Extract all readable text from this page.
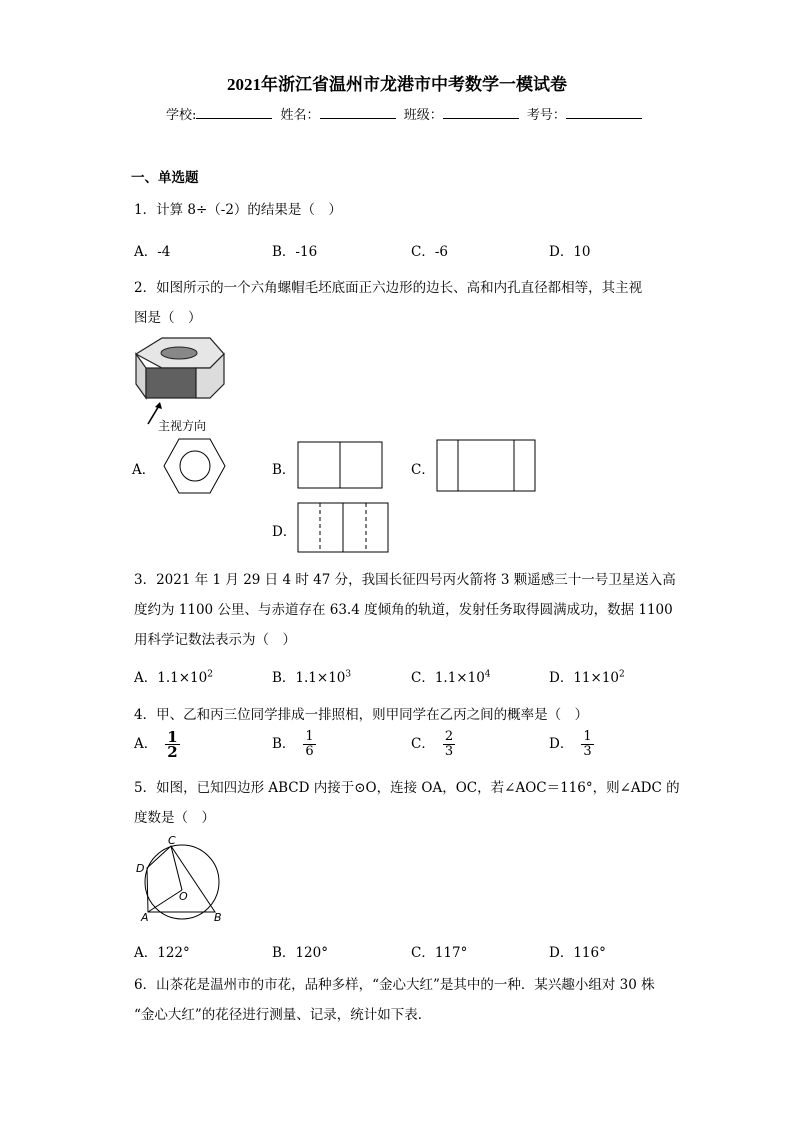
2021年浙江省温州市龙港市中考数学一模试卷
学校:	姓名：	班级：	考号：
一、单选题
1．计算 8÷（-2）的结果是（　）
A．-4	B．-16	C．-6	D．10
2．如图所示的一个六角螺帽毛坯底面正六边形的边长、高和内孔直径都相等，其主视
图是（　）
主视方向
A．	B．	C．
D．
3．2021 年 1 月 29 日 4 时 47 分，我国长征四号丙火箭将 3 颗遥感三十一号卫星送入高
度约为 1100 公里、与赤道存在 63.4 度倾角的轨道，发射任务取得圆满成功，数据 1100
用科学记数法表示为（　）
A．$1.1\times 10^2$	B．$1.1\times 10^3$	C．$1.1\times 10^4$	D．$11\times 10^2$
4．甲、乙和丙三位同学排成一排照相，则甲同学在乙丙之间的概率是（　）
A． $\frac{1}{2}$	B． $\frac{1}{6}$	C． $\frac{2}{3}$	D． $\frac{1}{3}$
5．如图，已知四边形 ABCD 内接于⊙O，连接 OA，OC，若∠AOC＝116°，则∠ADC 的
度数是（　）
C
D
O
A	B
A．122°	B．120°	C．117°	D．116°
6．山茶花是温州市的市花，品种多样，“金心大红”是其中的一种．某兴趣小组对 30 株
“金心大红”的花径进行测量、记录，统计如下表．
